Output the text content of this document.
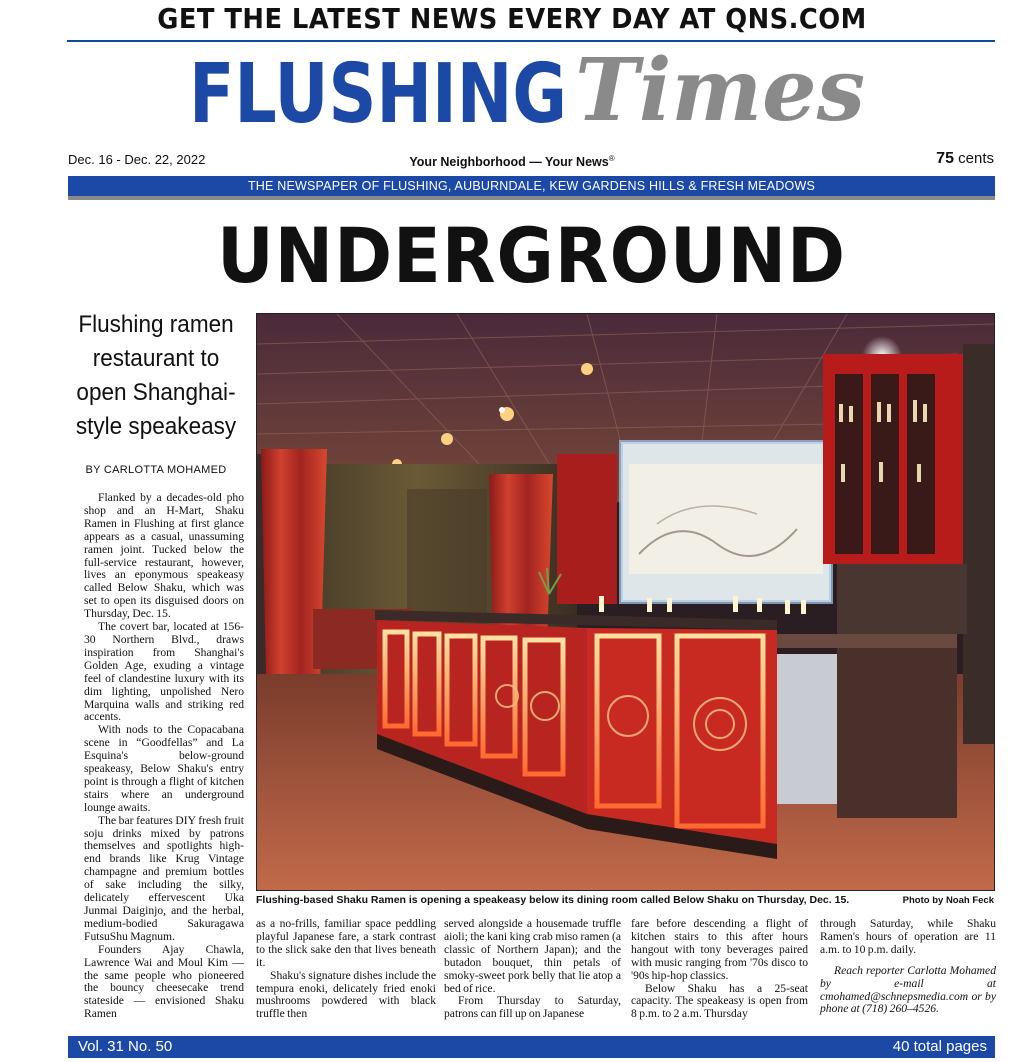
GET THE LATEST NEWS EVERY DAY AT QNS.COM
FLUSHING Times
Dec. 16 - Dec. 22, 2022	Your Neighborhood — Your News®	75 cents
THE NEWSPAPER OF FLUSHING, AUBURNDALE, KEW GARDENS HILLS & FRESH MEADOWS
UNDERGROUND
Flushing ramen restaurant to open Shanghai-style speakeasy
BY CARLOTTA MOHAMED

Flanked by a decades-old pho shop and an H-Mart, Shaku Ramen in Flushing at first glance appears as a casual, unassuming ramen joint. Tucked below the full-service restaurant, however, lives an eponymous speakeasy called Below Shaku, which was set to open its disguised doors on Thursday, Dec. 15.

The covert bar, located at 156-30 Northern Blvd., draws inspiration from Shanghai's Golden Age, exuding a vintage feel of clandestine luxury with its dim lighting, unpolished Nero Marquina walls and striking red accents.

With nods to the Copacabana scene in “Goodfellas” and La Esquina's below-ground speakeasy, Below Shaku's entry point is through a flight of kitchen stairs where an underground lounge awaits.

The bar features DIY fresh fruit soju drinks mixed by patrons themselves and spotlights high-end brands like Krug Vintage champagne and premium bottles of sake including the silky, delicately effervescent Uka Junmai Daiginjo, and the herbal, medium-bodied Sakuragawa FutsuShu Magnum.

Founders Ajay Chawla, Lawrence Wai and Moul Kim — the same people who pioneered the bouncy cheesecake trend stateside — envisioned Shaku Ramen

Flushing-based Shaku Ramen is opening a speakeasy below its dining room called Below Shaku on Thursday, Dec. 15.	Photo by Noah Feck

as a no-frills, familiar space peddling playful Japanese fare, a stark contrast to the slick sake den that lives beneath it.

Shaku's signature dishes include the tempura enoki, delicately fried enoki mushrooms powdered with black truffle then

served alongside a housemade truffle aioli; the kani king crab miso ramen (a classic of Northern Japan); and the butadon bouquet, thin petals of smoky-sweet pork belly that lie atop a bed of rice.

From Thursday to Saturday, patrons can fill up on Japanese

fare before descending a flight of kitchen stairs to this after hours hangout with tony beverages paired with music ranging from '70s disco to '90s hip-hop classics.

Below Shaku has a 25-seat capacity. The speakeasy is open from 8 p.m. to 2 a.m. Thursday

through Saturday, while Shaku Ramen's hours of operation are 11 a.m. to 10 p.m. daily.

Reach reporter Carlotta Mohamed by e-mail at cmohamed@schnepsmedia.com or by phone at (718) 260–4526.

Vol. 31 No. 50	40 total pages
